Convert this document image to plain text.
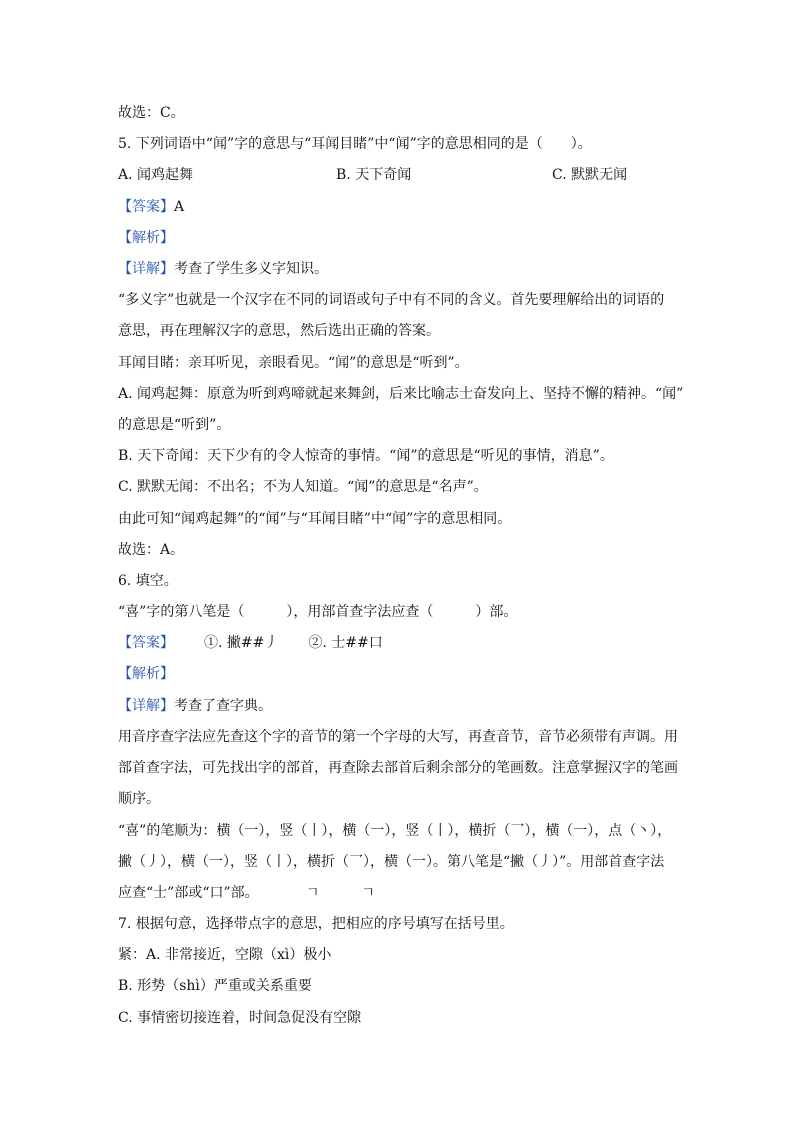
故选：C。
5. 下列词语中“闻”字的意思与“耳闻目睹”中“闻”字的意思相同的是（　　）。
A. 闻鸡起舞	B. 天下奇闻	C. 默默无闻
【答案】A
【解析】
【详解】考查了学生多义字知识。
“多义字”也就是一个汉字在不同的词语或句子中有不同的含义。首先要理解给出的词语的
意思，再在理解汉字的意思，然后选出正确的答案。
耳闻目睹：亲耳听见，亲眼看见。“闻”的意思是“听到”。
A. 闻鸡起舞：原意为听到鸡啼就起来舞剑，后来比喻志士奋发向上、坚持不懈的精神。“闻”
的意思是“听到”。
B. 天下奇闻：天下少有的令人惊奇的事情。“闻”的意思是“听见的事情，消息”。
C. 默默无闻：不出名；不为人知道。“闻”的意思是“名声”。
由此可知“闻鸡起舞”的“闻”与“耳闻目睹”中“闻”字的意思相同。
故选：A。
6. 填空。
“喜”字的第八笔是（　　　），用部首查字法应查（　　　）部。
【答案】 ①. 撇##丿 ②. 士##口
【解析】
【详解】考查了查字典。
用音序查字法应先查这个字的音节的第一个字母的大写，再查音节，音节必须带有声调。用
部首查字法，可先找出字的部首，再查除去部首后剩余部分的笔画数。注意掌握汉字的笔画
顺序。
“喜”的笔顺为：横（一），竖（丨），横（一），竖（丨），横折（乛），横（一），点（丶），
撇（丿），横（一），竖（丨），横折（乛），横（一）。第八笔是“撇（丿）”。用部首查字法
应查“士”部或“口”部。	ㄱ　　　ㄱ
7. 根据句意，选择带点字的意思，把相应的序号填写在括号里。
紧：A. 非常接近，空隙（xì）极小
B. 形势（shì）严重或关系重要
C. 事情密切接连着，时间急促没有空隙
